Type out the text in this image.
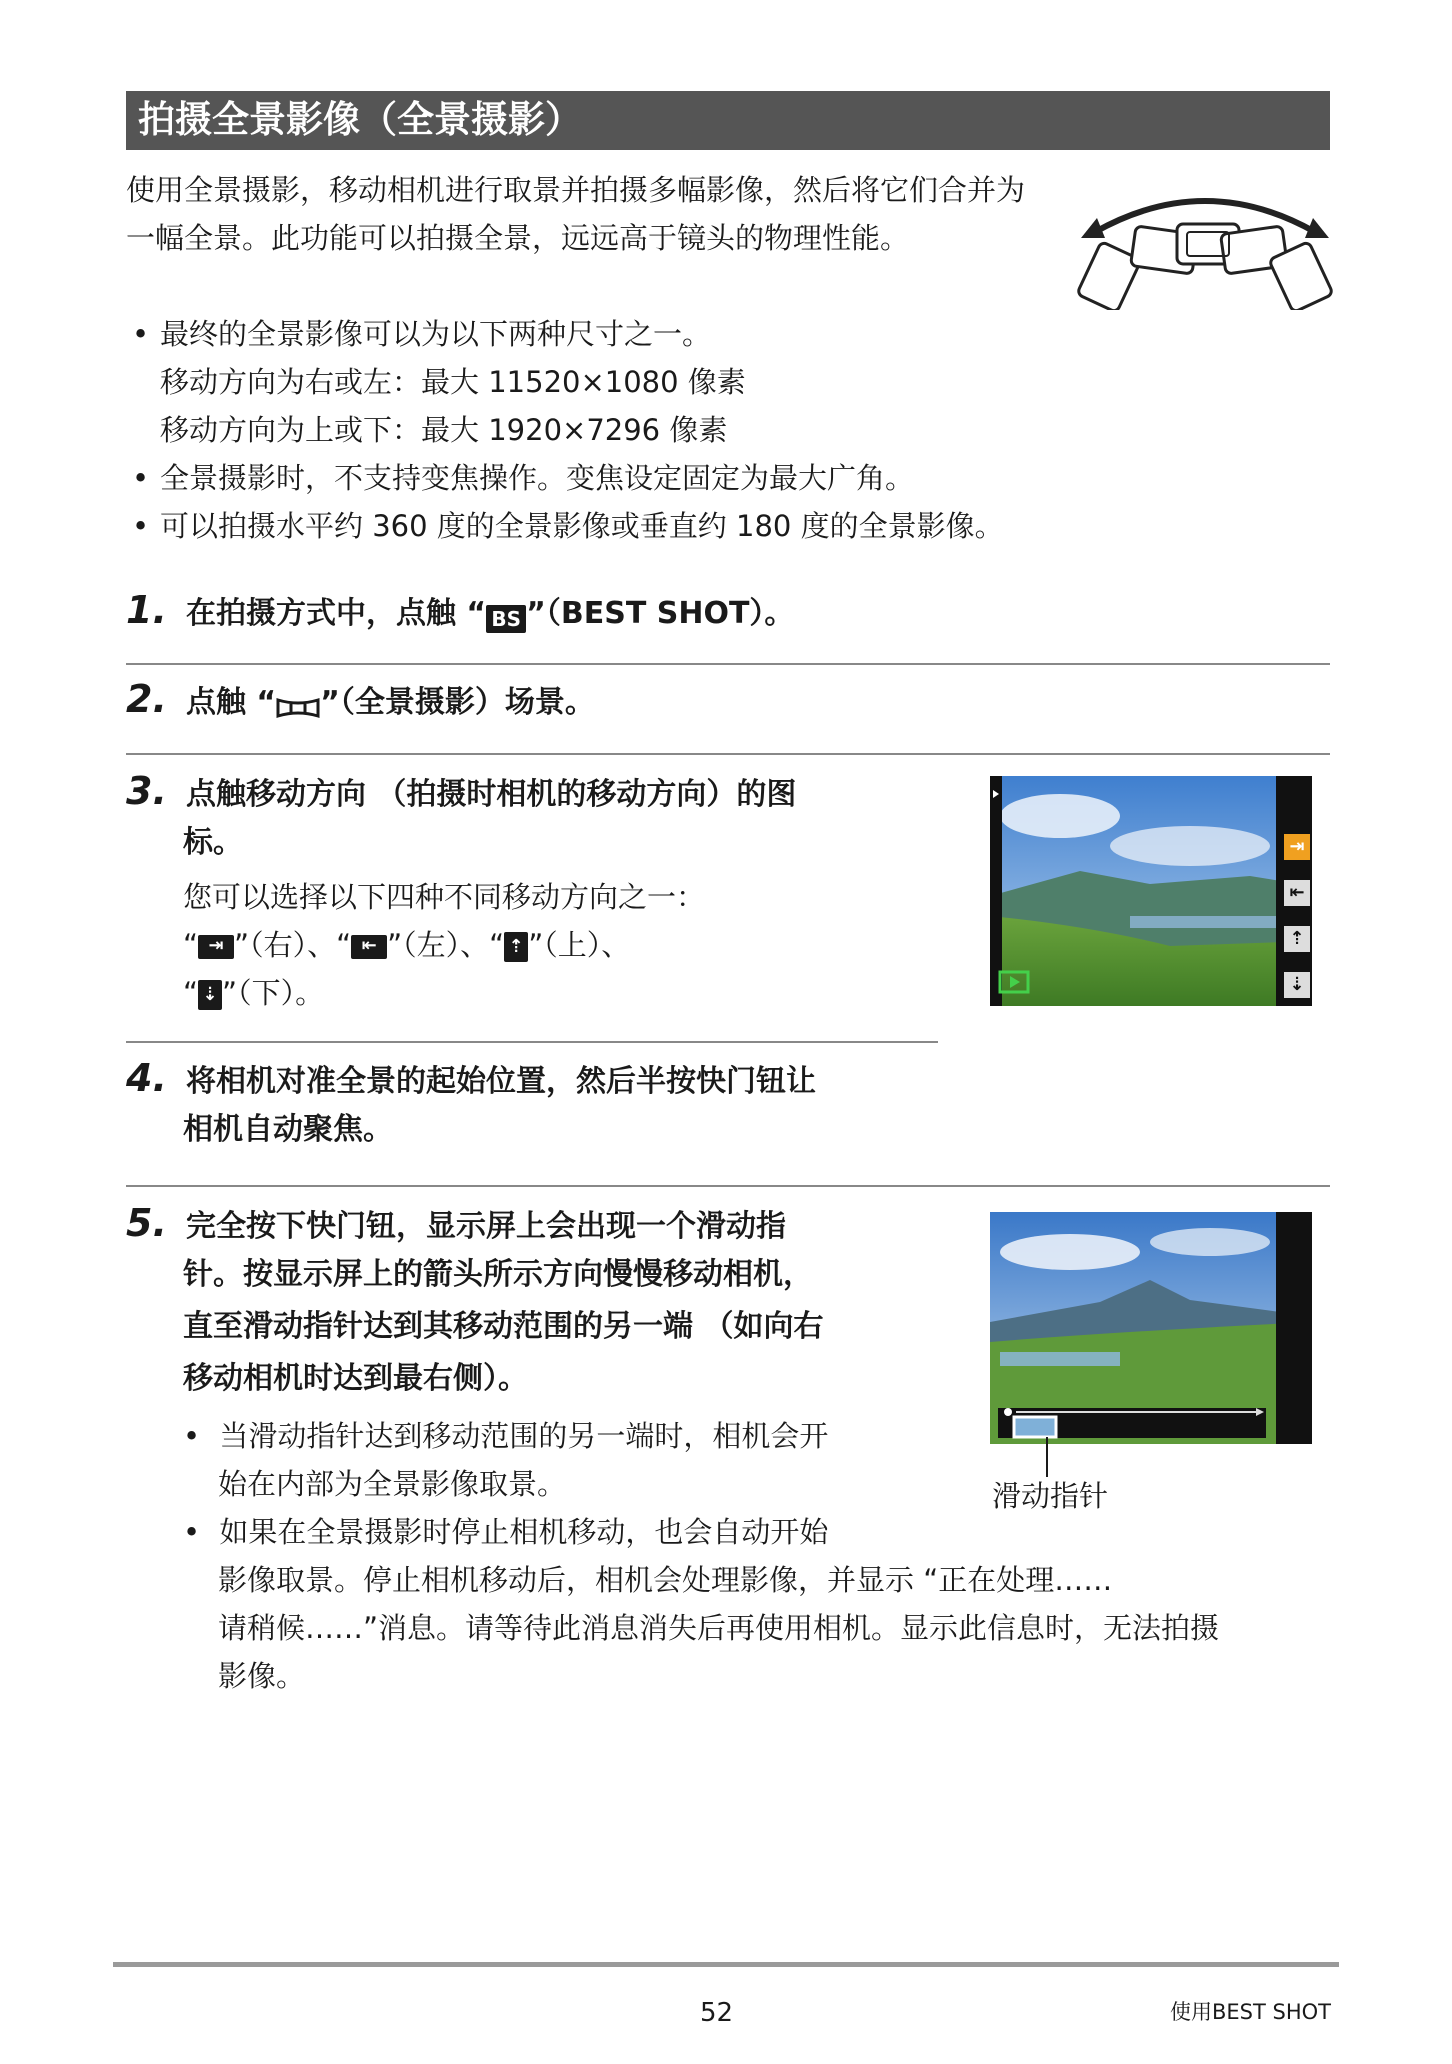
拍摄全景影像（全景摄影）

使用全景摄影，移动相机进行取景并拍摄多幅影像，然后将它们合并为一幅全景。此功能可以拍摄全景，远远高于镜头的物理性能。

• 最终的全景影像可以为以下两种尺寸之一。
移动方向为右或左：最大 11520×1080 像素
移动方向为上或下：最大 1920×7296 像素
• 全景摄影时，不支持变焦操作。变焦设定固定为最大广角。
• 可以拍摄水平约 360 度的全景影像或垂直约 180 度的全景影像。
1. 在拍摄方式中，点触 “ BS ”（BEST SHOT）。
2. 点触 “ ”（全景摄影）场景。
3. 点触移动方向 （拍摄时相机的移动方向）的图
标。
您可以选择以下四种不同移动方向之一：
“ ⇥ ”（右）、“ ⇤ ”（左）、“ ⇡ ”（上）、
“ ⇣ ”（下）。
⇥
⇤
⇡
⇣
4. 将相机对准全景的起始位置，然后半按快门钮让
相机自动聚焦。
5. 完全按下快门钮，显示屏上会出现一个滑动指
针。按显示屏上的箭头所示方向慢慢移动相机，
直至滑动指针达到其移动范围的另一端 （如向右
移动相机时达到最右侧）。
• 当滑动指针达到移动范围的另一端时，相机会开
始在内部为全景影像取景。
• 如果在全景摄影时停止相机移动，也会自动开始
影像取景。停止相机移动后，相机会处理影像，并显示 “正在处理……
请稍候……”消息。请等待此消息消失后再使用相机。显示此信息时，无法拍摄
影像。
滑动指针
52	使用BEST SHOT
